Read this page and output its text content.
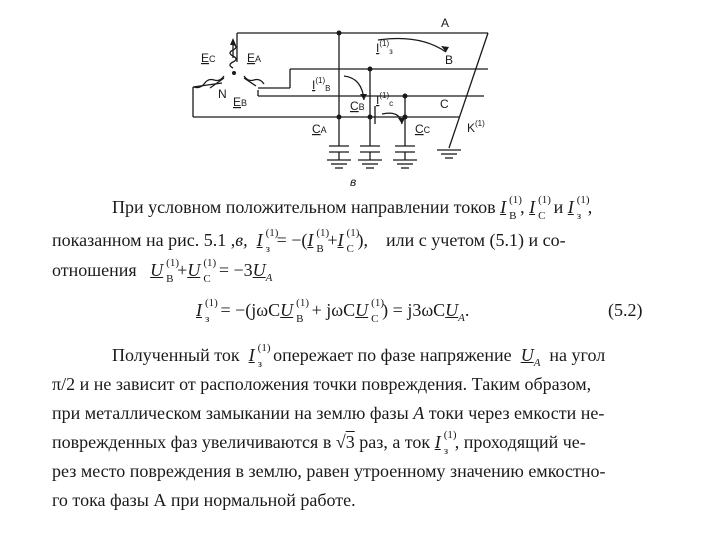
EC	EA
N
EB
A
B
C
$I^{(1)}_з$
$I^{(1)}_B$
$I^{(1)}_c$
CB
CA	CC	$K^{(1)}$
в
При условном положительном направлении токов I (1)
B , I (1)
C и I (1)
з ,
показанном на рис. 5.1 ,в, I (1)
з = −(I (1)
B +I (1)
C ), или с учетом (5.1) и со-
отношения U (1)
B +U (1)
$C = -3U_A$
I (1)
з = −(jωCU (1)
B + jωCU (1)
C ) = j3ωCU$_A$.	(5.2)
Полученный ток I (1)
з опережает по фазе напряжение $U_A$ на угол
π/2 и не зависит от расположения точки повреждения. Таким образом,
при металлическом замыкании на землю фазы A токи через емкости не-
поврежденных фаз увеличиваются в √3 раз, а ток I (1)
з , проходящий че-
рез место повреждения в землю, равен утроенному значению емкостно-
го тока фазы А при нормальной работе.
